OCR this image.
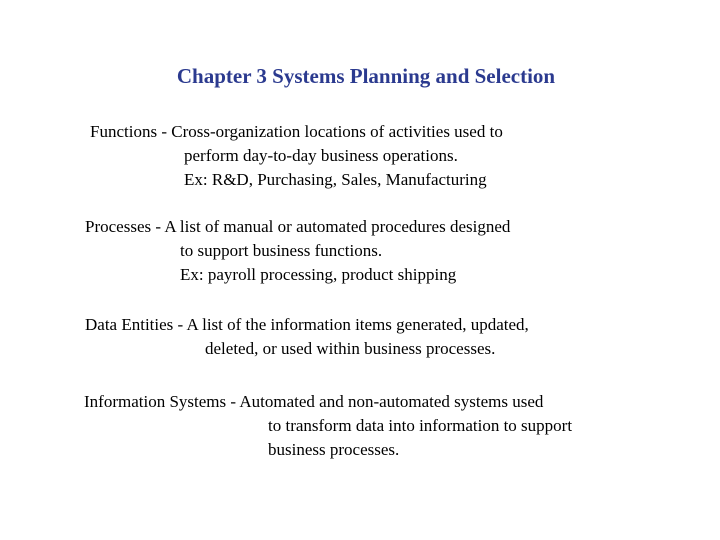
Chapter 3 Systems Planning and Selection
Functions - Cross-organization locations of activities used to
perform day-to-day business operations.
Ex: R&D, Purchasing, Sales, Manufacturing
Processes - A list of manual or automated procedures designed
to support business functions.
Ex: payroll processing, product shipping
Data Entities - A list of the information items generated, updated,
deleted, or used within business processes.
Information Systems - Automated and non-automated systems used
to transform data into information to support
business processes.
